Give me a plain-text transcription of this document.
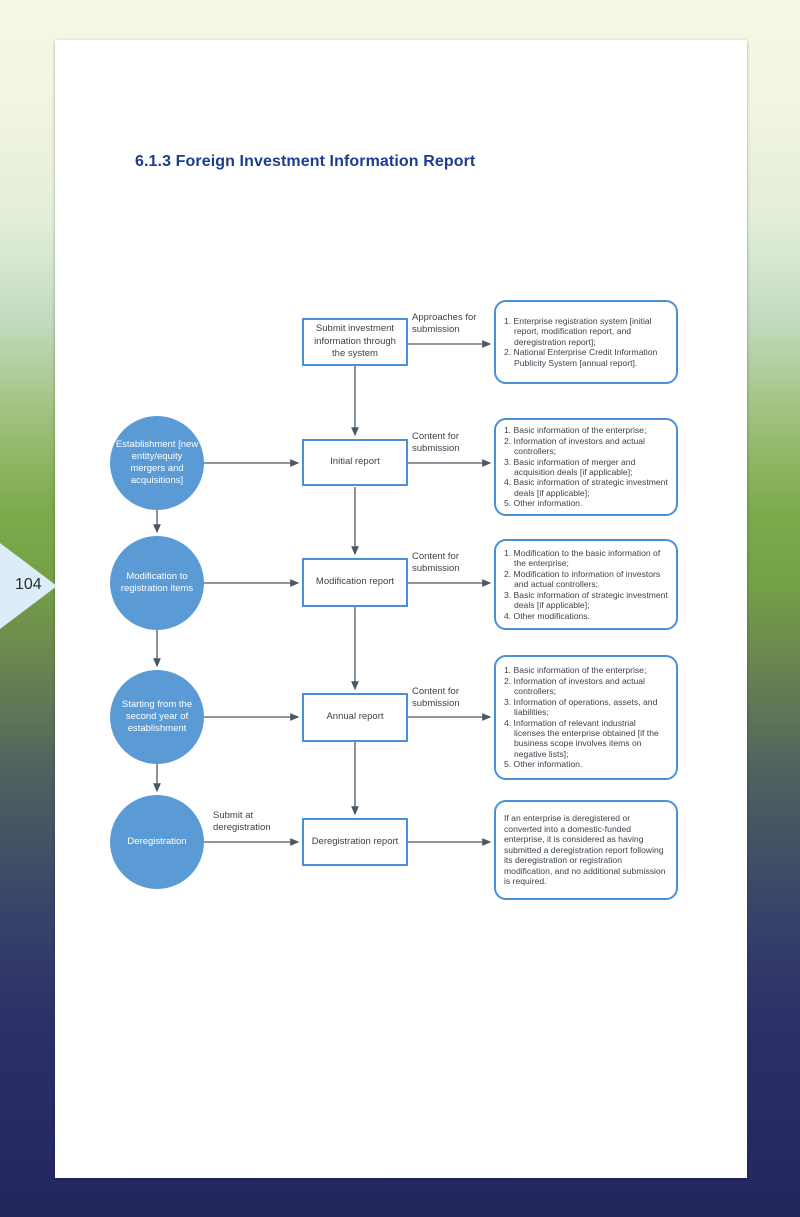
104
6.1.3 Foreign Investment Information Report
Establishment [new entity/equity mergers and acquisitions]
Modification to registration items
Starting from the second year of establishment
Deregistration
Submit investment information through the system
Initial report
Modification report
Annual report
Deregistration report
Approaches for submission
Content for submission
Content for submission
Content for submission
Submit at deregistration
1. Enterprise registration system [initial report, modification report, and deregistration report];
2. National Enterprise Credit Information Publicity System [annual report].
1. Basic information of the enterprise;
2. Information of investors and actual controllers;
3. Basic information of merger and acquisition deals [if applicable];
4. Basic information of strategic investment deals [if applicable];
5. Other information.
1. Modification to the basic information of the enterprise;
2. Modification to information of investors and actual controllers;
3. Basic information of strategic investment deals [if applicable];
4. Other modifications.
1. Basic information of the enterprise;
2. Information of investors and actual controllers;
3. Information of operations, assets, and liabilities;
4. Information of relevant industrial licenses the enterprise obtained [if the business scope involves items on negative lists];
5. Other information.
If an enterprise is deregistered or converted into a domestic-funded enterprise, it is considered as having submitted a deregistration report following its deregistration or registration modification, and no additional submission is required.
